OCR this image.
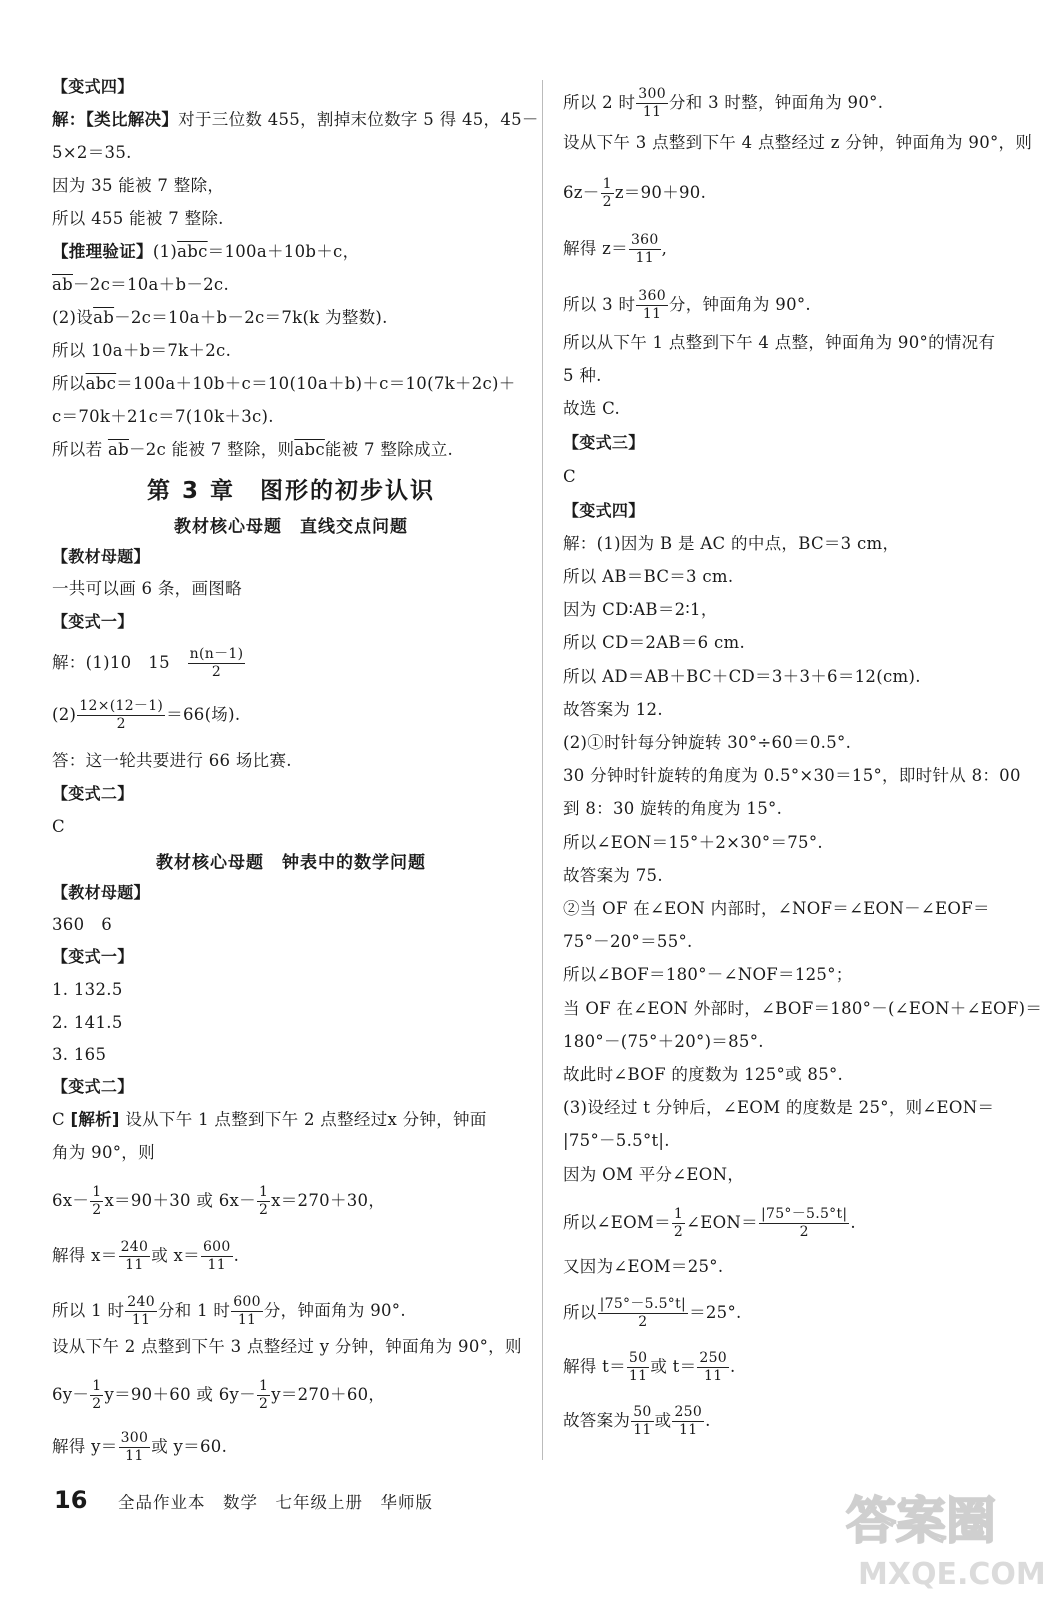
【变式四】
解：【类比解决】对于三位数 455，割掉末位数字 5 得 45，45－
5×2＝35.
因为 35 能被 7 整除，
所以 455 能被 7 整除.
【推理验证】$(1)\overline{abc}=100a+10b+c$，
$\overline{ab}-2c=10a+b-2c$.
(2)设$\overline{ab}-2c=10a+b-2c=7k(k$ 为整数).
所以 10a＋b＝7k＋2c.
所以$\overline{abc}=100a+10b+c=10(10a+b)+c=10(7k+2c)+$
c＝70k＋21c＝7(10k＋3c).
所以若 $\overline{ab}-2c$ 能被 7 整除，则$\overline{abc}$能被 7 整除成立.
第 3 章　图形的初步认识
教材核心母题　直线交点问题
【教材母题】
一共可以画 6 条，画图略
【变式一】
解：(1)10　15　 $\frac{n(n-1)}{2}$
$(2) \frac{12\times(12-1)}{2} =66$(场).
答：这一轮共要进行 66 场比赛.
【变式二】
C
教材核心母题　钟表中的数学问题
【教材母题】
360　6
【变式一】
1. 132.5
2. 141.5
3. 165
【变式二】
C [解析] 设从下午 1 点整到下午 2 点整经过x 分钟，钟面
角为 90°，则
$6x- \frac{1}{2} x=90+30$ 或 $6x- \frac{1}{2} x=270+30$，
解得 $x= \frac{240}{11}$ 或 $x= \frac{600}{11}$ .
所以 1 时 $\frac{240}{11}$ 分和 1 时 $\frac{600}{11}$ 分，钟面角为 90°.
设从下午 2 点整到下午 3 点整经过 y 分钟，钟面角为 90°，则
$6y- \frac{1}{2} y=90+60$ 或 $6y- \frac{1}{2} y=270+60$，
解得 $y= \frac{300}{11}$ 或 y＝60.
所以 2 时 $\frac{300}{11}$ 分和 3 时整，钟面角为 90°.
设从下午 3 点整到下午 4 点整经过 z 分钟，钟面角为 90°，则
$6z- \frac{1}{2} z=90+90$.
解得 $z= \frac{360}{11}$ ,
所以 3 时 $\frac{360}{11}$ 分，钟面角为 90°.
所以从下午 1 点整到下午 4 点整，钟面角为 90°的情况有
5 种.
故选 C.
【变式三】
C
【变式四】
解：(1)因为 B 是 AC 的中点，BC＝3 cm，
所以 AB＝BC＝3 cm.
因为 CD∶AB＝2∶1，
所以 CD＝2AB＝6 cm.
所以 AD＝AB＋BC＋CD＝3＋3＋6＝12(cm).
故答案为 12.
(2)①时针每分钟旋转 30°÷60＝0.5°.
30 分钟时针旋转的角度为 0.5°×30＝15°，即时针从 8：00
到 8：30 旋转的角度为 15°.
所以∠EON＝15°＋2×30°＝75°.
故答案为 75.
②当 OF 在∠EON 内部时，∠NOF＝∠EON－∠EOF＝
75°－20°＝55°.
所以∠BOF＝180°－∠NOF＝125°；
当 OF 在∠EON 外部时，∠BOF＝180°－(∠EON＋∠EOF)＝
180°－(75°＋20°)＝85°.
故此时∠BOF 的度数为 125°或 85°.
(3)设经过 t 分钟后，∠EOM 的度数是 25°，则∠EON＝
|75°－5.5°t|.
因为 OM 平分∠EON，
所以∠EOM＝ $\frac{1}{2}$ ∠EON＝ $\frac{|75^\circ-5.5^\circ t|}{2}$ .
又因为∠EOM＝25°.
所以 $\frac{|75^\circ-5.5^\circ t|}{2} =25^\circ$.
解得 $t= \frac{50}{11}$ 或 $t= \frac{250}{11}$ .
故答案为 $\frac{50}{11}$ 或 $\frac{250}{11}$ .
16 全品作业本　数学　七年级上册　华师版	答案圈
MXQE.COM
